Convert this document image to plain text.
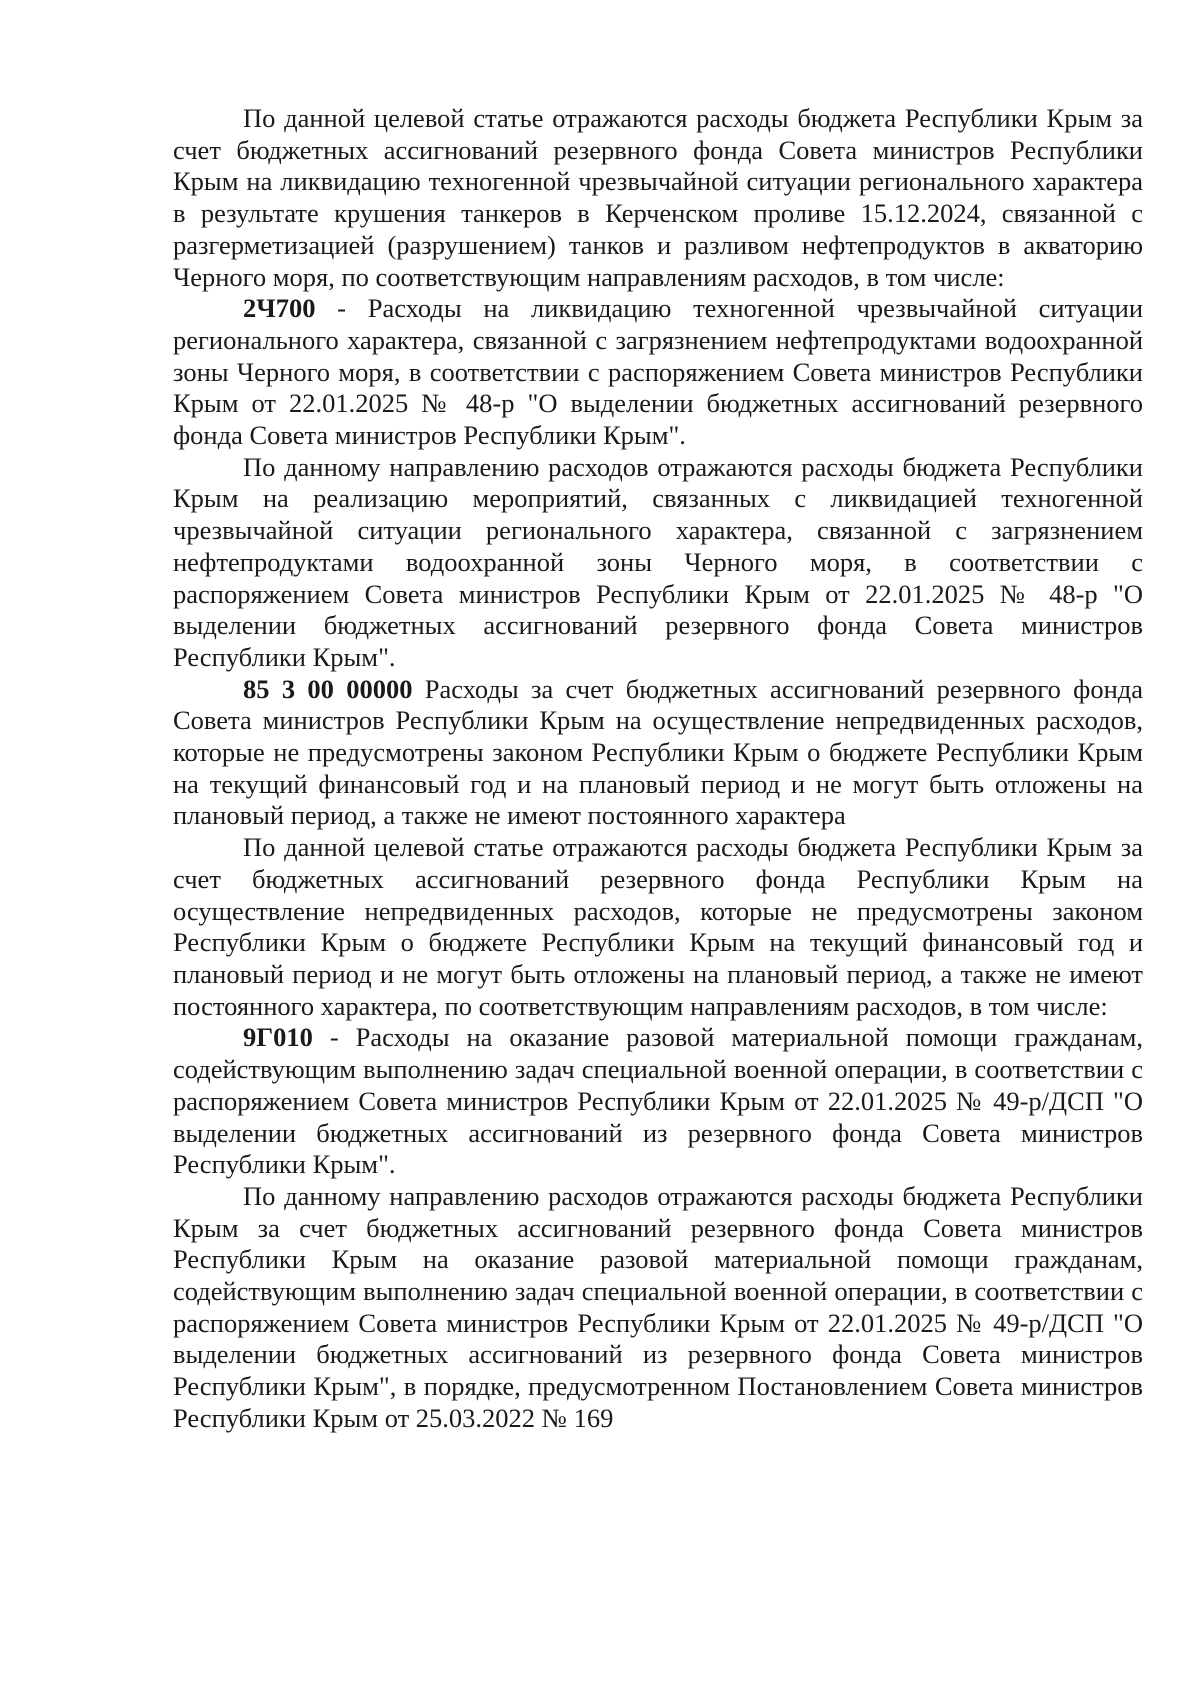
По данной целевой статье отражаются расходы бюджета Республики Крым за счет бюджетных ассигнований резервного фонда Совета министров Республики Крым на ликвидацию техногенной чрезвычайной ситуации регионального характера в результате крушения танкеров в Керченском проливе 15.12.2024, связанной с разгерметизацией (разрушением) танков и разливом нефтепродуктов в акваторию Черного моря, по соответствующим направлениям расходов, в том числе:

2Ч700 - Расходы на ликвидацию техногенной чрезвычайной ситуации регионального характера, связанной с загрязнением нефтепродуктами водоохранной зоны Черного моря, в соответствии с распоряжением Совета министров Республики Крым от 22.01.2025 № 48-р "О выделении бюджетных ассигнований резервного фонда Совета министров Республики Крым".

По данному направлению расходов отражаются расходы бюджета Республики Крым на реализацию мероприятий, связанных с ликвидацией техногенной чрезвычайной ситуации регионального характера, связанной с загрязнением нефтепродуктами водоохранной зоны Черного моря, в соответствии с распоряжением Совета министров Республики Крым от 22.01.2025 № 48-р "О выделении бюджетных ассигнований резервного фонда Совета министров Республики Крым".

85 3 00 00000 Расходы за счет бюджетных ассигнований резервного фонда Совета министров Республики Крым на осуществление непредвиденных расходов, которые не предусмотрены законом Республики Крым о бюджете Республики Крым на текущий финансовый год и на плановый период и не могут быть отложены на плановый период, а также не имеют постоянного характера

По данной целевой статье отражаются расходы бюджета Республики Крым за счет бюджетных ассигнований резервного фонда Республики Крым на осуществление непредвиденных расходов, которые не предусмотрены законом Республики Крым о бюджете Республики Крым на текущий финансовый год и плановый период и не могут быть отложены на плановый период, а также не имеют постоянного характера, по соответствующим направлениям расходов, в том числе:

9Г010 - Расходы на оказание разовой материальной помощи гражданам, содействующим выполнению задач специальной военной операции, в соответствии с распоряжением Совета министров Республики Крым от 22.01.2025 № 49-р/ДСП "О выделении бюджетных ассигнований из резервного фонда Совета министров Республики Крым".

По данному направлению расходов отражаются расходы бюджета Республики Крым за счет бюджетных ассигнований резервного фонда Совета министров Республики Крым на оказание разовой материальной помощи гражданам, содействующим выполнению задач специальной военной операции, в соответствии с распоряжением Совета министров Республики Крым от 22.01.2025 № 49-р/ДСП "О выделении бюджетных ассигнований из резервного фонда Совета министров Республики Крым", в порядке, предусмотренном Постановлением Совета министров Республики Крым от 25.03.2022 № 169
